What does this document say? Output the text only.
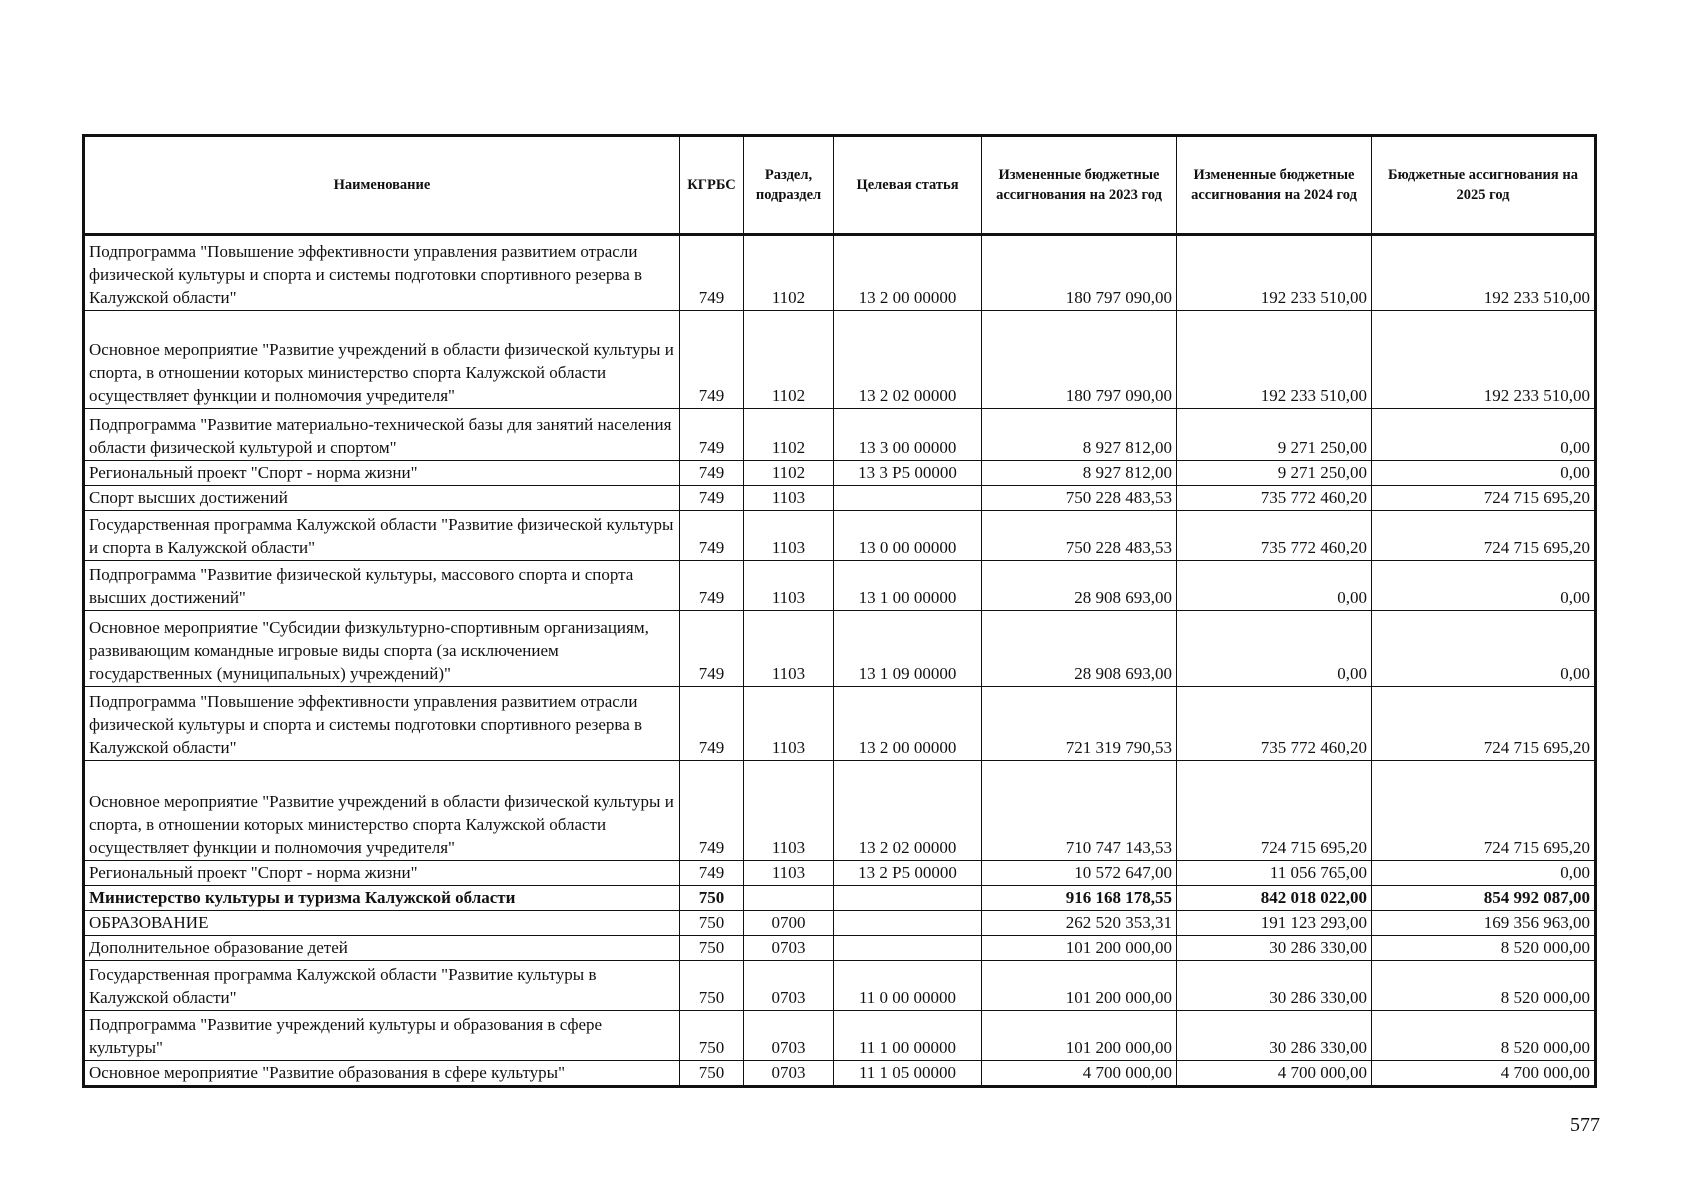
Наименование	КГРБС	Раздел, подраздел	Целевая статья	Измененные бюджетные ассигнования на 2023 год	Измененные бюджетные ассигнования на 2024 год	Бюджетные ассигнования на 2025 год
Подпрограмма "Повышение эффективности управления развитием отрасли физической культуры и спорта и системы подготовки спортивного резерва в Калужской области"	749	1102	13 2 00 00000	180 797 090,00	192 233 510,00	192 233 510,00
Основное мероприятие "Развитие учреждений в области физической культуры и спорта, в отношении которых министерство спорта Калужской области осуществляет функции и полномочия учредителя"	749	1102	13 2 02 00000	180 797 090,00	192 233 510,00	192 233 510,00
Подпрограмма "Развитие материально-технической базы для занятий населения области физической культурой и спортом"	749	1102	13 3 00 00000	8 927 812,00	9 271 250,00	0,00
Региональный проект "Спорт - норма жизни"	749	1102	13 3 P5 00000	8 927 812,00	9 271 250,00	0,00
Спорт высших достижений	749	1103		750 228 483,53	735 772 460,20	724 715 695,20
Государственная программа Калужской области "Развитие физической культуры и спорта в Калужской области"	749	1103	13 0 00 00000	750 228 483,53	735 772 460,20	724 715 695,20
Подпрограмма "Развитие физической культуры, массового спорта и спорта высших достижений"	749	1103	13 1 00 00000	28 908 693,00	0,00	0,00
Основное мероприятие "Субсидии физкультурно-спортивным организациям, развивающим командные игровые виды спорта (за исключением государственных (муниципальных) учреждений)"	749	1103	13 1 09 00000	28 908 693,00	0,00	0,00
Подпрограмма "Повышение эффективности управления развитием отрасли физической культуры и спорта и системы подготовки спортивного резерва в Калужской области"	749	1103	13 2 00 00000	721 319 790,53	735 772 460,20	724 715 695,20
Основное мероприятие "Развитие учреждений в области физической культуры и спорта, в отношении которых министерство спорта Калужской области осуществляет функции и полномочия учредителя"	749	1103	13 2 02 00000	710 747 143,53	724 715 695,20	724 715 695,20
Региональный проект "Спорт - норма жизни"	749	1103	13 2 P5 00000	10 572 647,00	11 056 765,00	0,00
Министерство культуры и туризма Калужской области	750			916 168 178,55	842 018 022,00	854 992 087,00
ОБРАЗОВАНИЕ	750	0700		262 520 353,31	191 123 293,00	169 356 963,00
Дополнительное образование детей	750	0703		101 200 000,00	30 286 330,00	8 520 000,00
Государственная программа Калужской области "Развитие культуры в Калужской области"	750	0703	11 0 00 00000	101 200 000,00	30 286 330,00	8 520 000,00
Подпрограмма "Развитие учреждений культуры и образования в сфере культуры"	750	0703	11 1 00 00000	101 200 000,00	30 286 330,00	8 520 000,00
Основное мероприятие "Развитие образования в сфере культуры"	750	0703	11 1 05 00000	4 700 000,00	4 700 000,00	4 700 000,00
577
